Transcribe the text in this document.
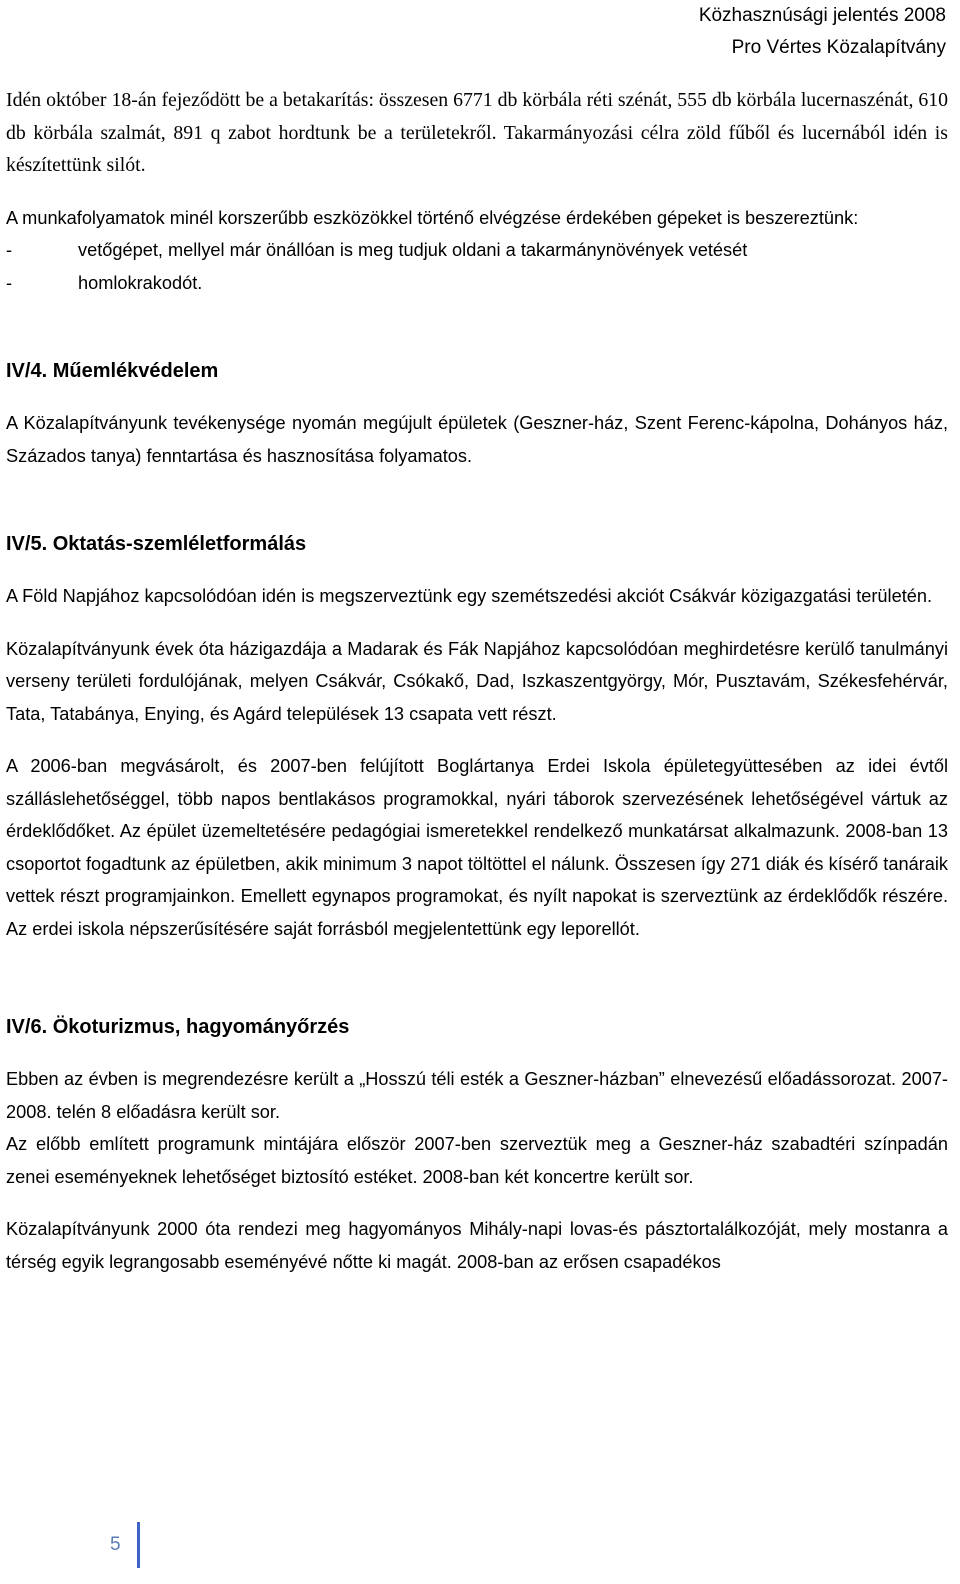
Közhasznúsági jelentés 2008
Pro Vértes Közalapítvány

Idén október 18-án fejeződött be a betakarítás: összesen 6771 db körbála réti szénát, 555 db körbála lucernaszénát, 610 db körbála szalmát, 891 q zabot hordtunk be a területekről. Takarmányozási célra zöld fűből és lucernából idén is készítettünk silót.

A munkafolyamatok minél korszerűbb eszközökkel történő elvégzése érdekében gépeket is beszereztünk:

-	vetőgépet, mellyel már önállóan is meg tudjuk oldani a takarmánynövények vetését
-	homlokrakodót.
IV/4. Műemlékvédelem

A Közalapítványunk tevékenysége nyomán megújult épületek (Geszner-ház, Szent Ferenc-kápolna, Dohányos ház, Százados tanya) fenntartása és hasznosítása folyamatos.

IV/5. Oktatás-szemléletformálás

A Föld Napjához kapcsolódóan idén is megszerveztünk egy szemétszedési akciót Csákvár közigazgatási területén.

Közalapítványunk évek óta házigazdája a Madarak és Fák Napjához kapcsolódóan meghirdetésre kerülő tanulmányi verseny területi fordulójának, melyen Csákvár, Csókakő, Dad, Iszkaszentgyörgy, Mór, Pusztavám, Székesfehérvár, Tata, Tatabánya, Enying, és Agárd települések 13 csapata vett részt.

A 2006-ban megvásárolt, és 2007-ben felújított Boglártanya Erdei Iskola épületegyüttesében az idei évtől szálláslehetőséggel, több napos bentlakásos programokkal, nyári táborok szervezésének lehetőségével vártuk az érdeklődőket. Az épület üzemeltetésére pedagógiai ismeretekkel rendelkező munkatársat alkalmazunk. 2008-ban 13 csoportot fogadtunk az épületben, akik minimum 3 napot töltöttel el nálunk. Összesen így 271 diák és kísérő tanáraik vettek részt programjainkon. Emellett egynapos programokat, és nyílt napokat is szerveztünk az érdeklődők részére. Az erdei iskola népszerűsítésére saját forrásból megjelentettünk egy leporellót.

IV/6. Ökoturizmus, hagyományőrzés

Ebben az évben is megrendezésre került a „Hosszú téli esték a Geszner-házban” elnevezésű előadássorozat. 2007-2008. telén 8 előadásra került sor.

Az előbb említett programunk mintájára először 2007-ben szerveztük meg a Geszner-ház szabadtéri színpadán zenei eseményeknek lehetőséget biztosító estéket. 2008-ban két koncertre került sor.

Közalapítványunk 2000 óta rendezi meg hagyományos Mihály-napi lovas-és pásztortalálkozóját, mely mostanra a térség egyik legrangosabb eseményévé nőtte ki magát. 2008-ban az erősen csapadékos

5
